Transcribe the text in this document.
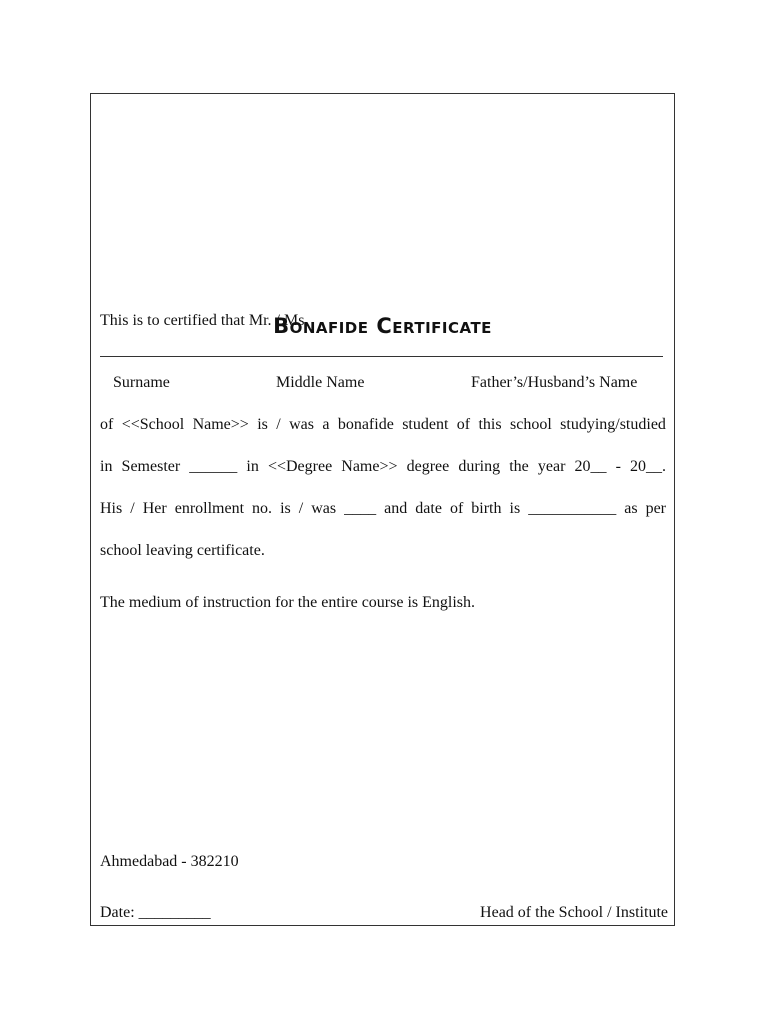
Bonafide Certificate
This is to certified that Mr. / Ms.
Surname	Middle Name	Father’s/Husband’s Name
of <<School Name>> is / was a bonafide student of this school studying/studied
in Semester ______ in <<Degree Name>> degree during the year 20__ - 20__.
His / Her enrollment no. is / was ____ and date of birth is ___________ as per
school leaving certificate.
The medium of instruction for the entire course is English.
Ahmedabad - 382210
Date: _________	Head of the School / Institute
